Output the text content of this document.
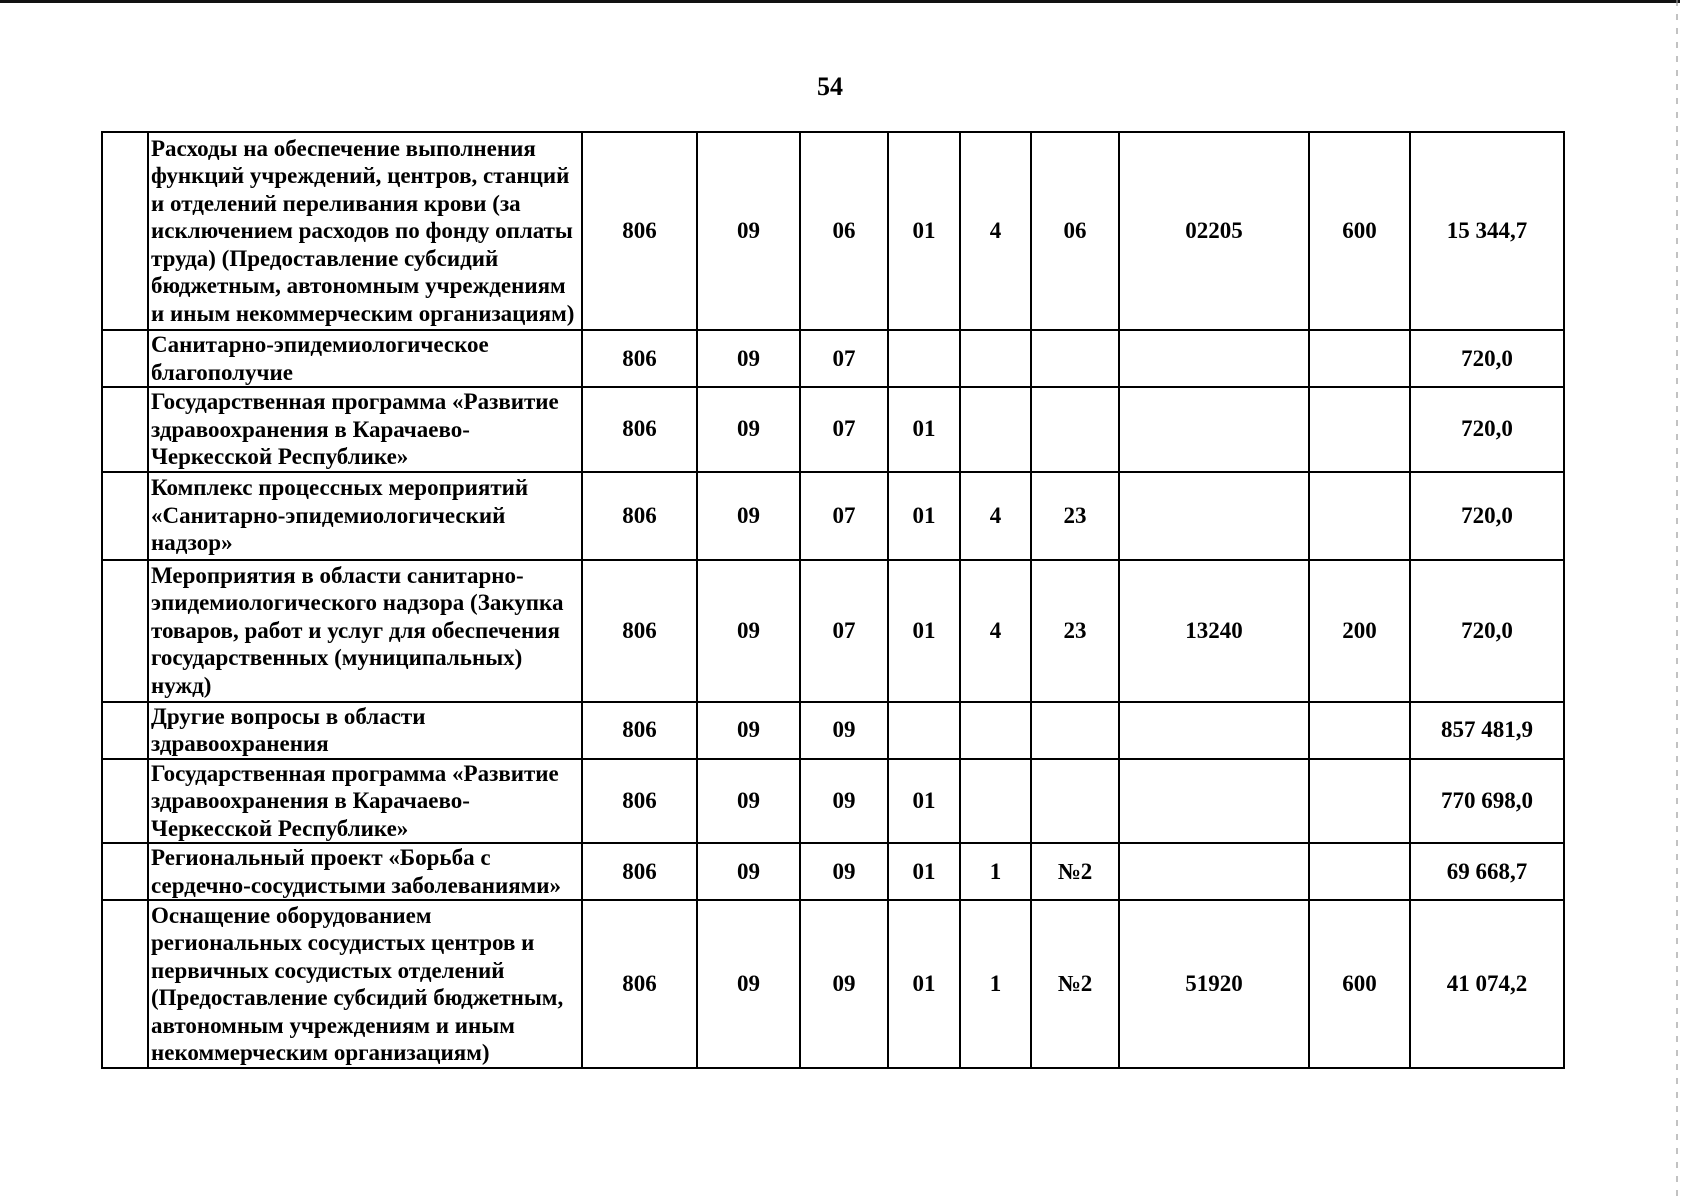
54
	Расходы на обеспечение выполнения функций учреждений, центров, станций и отделений переливания крови (за исключением расходов по фонду оплаты труда) (Предоставление субсидий бюджетным, автономным учреждениям и иным некоммерческим организациям)	806	09	06	01	4	06	02205	600	15 344,7
	Санитарно-эпидемиологическое благополучие	806	09	07						720,0
	Государственная программа «Развитие здравоохранения в Карачаево-Черкесской Республике»	806	09	07	01					720,0
	Комплекс процессных мероприятий «Санитарно-эпидемиологический надзор»	806	09	07	01	4	23			720,0
	Мероприятия в области санитарно-эпидемиологического надзора (Закупка товаров, работ и услуг для обеспечения государственных (муниципальных) нужд)	806	09	07	01	4	23	13240	200	720,0
	Другие вопросы в области здравоохранения	806	09	09						857 481,9
	Государственная программа «Развитие здравоохранения в Карачаево-Черкесской Республике»	806	09	09	01					770 698,0
	Региональный проект «Борьба с сердечно-сосудистыми заболеваниями»	806	09	09	01	1	№2			69 668,7
	Оснащение оборудованием региональных сосудистых центров и первичных сосудистых отделений (Предоставление субсидий бюджетным, автономным учреждениям и иным некоммерческим организациям)	806	09	09	01	1	№2	51920	600	41 074,2
